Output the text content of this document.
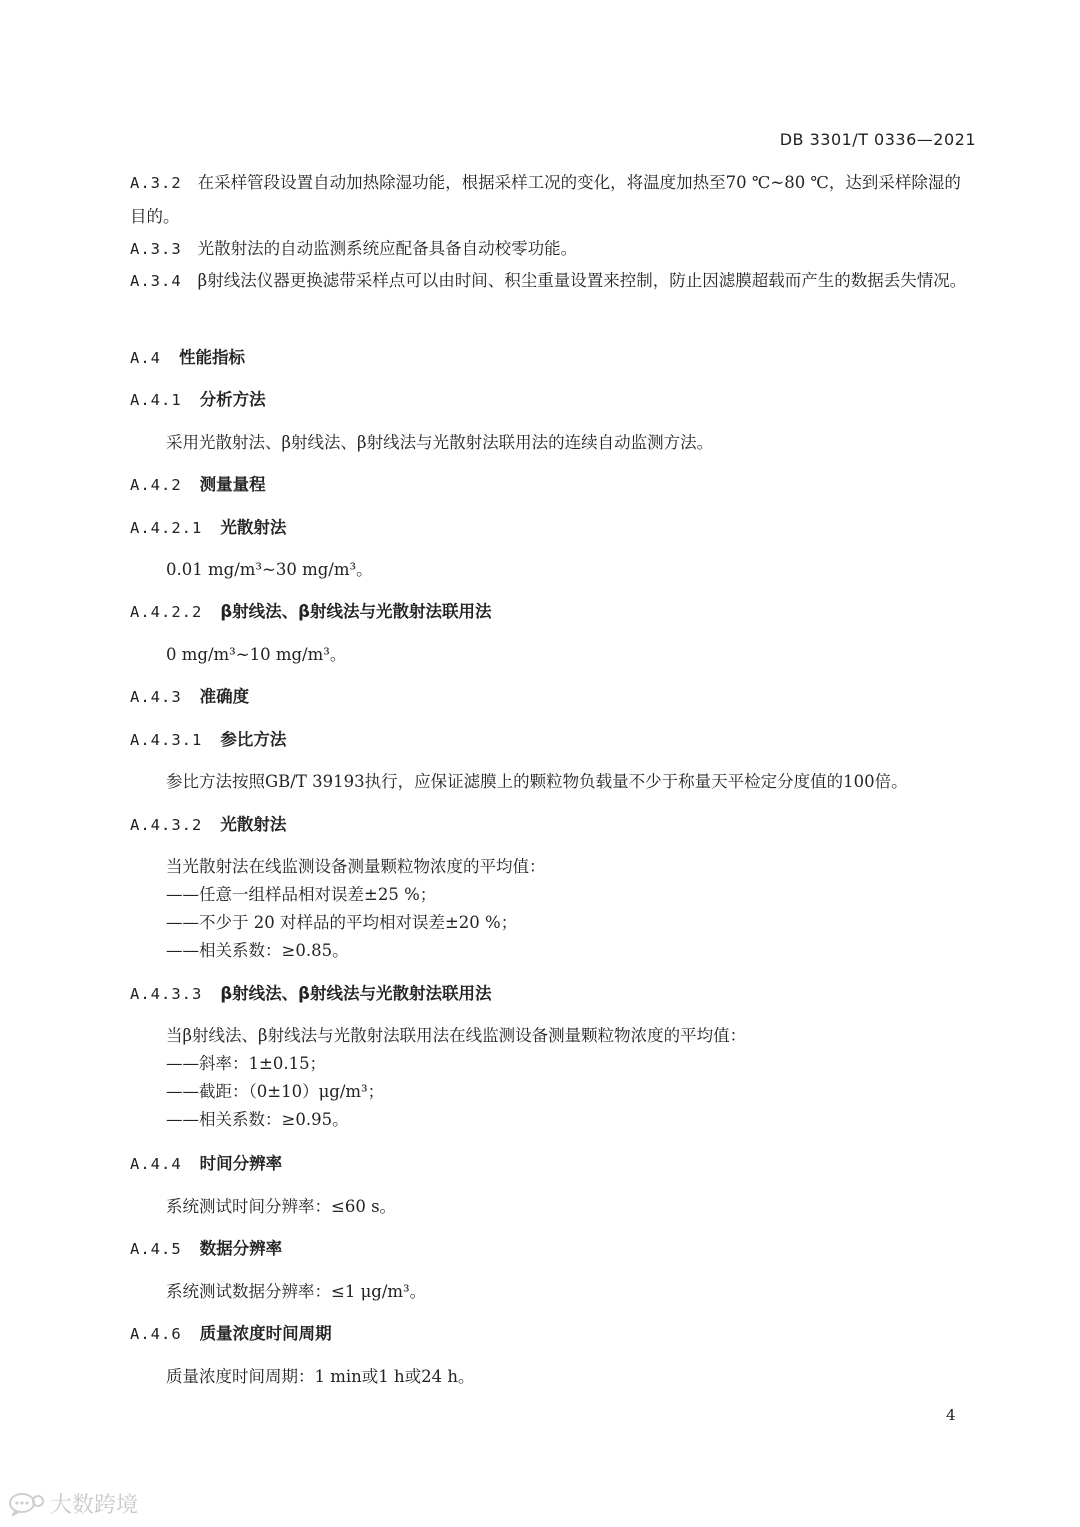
DB 3301/T 0336—2021
A.3.2 在采样管段设置自动加热除湿功能，根据采样工况的变化，将温度加热至70 ℃~80 ℃，达到采样除湿的目的。
A.3.3 光散射法的自动监测系统应配备具备自动校零功能。
A.3.4 β射线法仪器更换滤带采样点可以由时间、积尘重量设置来控制，防止因滤膜超载而产生的数据丢失情况。
A.4 性能指标
A.4.1 分析方法
采用光散射法、β射线法、β射线法与光散射法联用法的连续自动监测方法。
A.4.2 测量量程
A.4.2.1 光散射法
0.01 mg/m³~30 mg/m³。
A.4.2.2 β射线法、β射线法与光散射法联用法
0 mg/m³~10 mg/m³。
A.4.3 准确度
A.4.3.1 参比方法
参比方法按照GB/T 39193执行，应保证滤膜上的颗粒物负载量不少于称量天平检定分度值的100倍。
A.4.3.2 光散射法
当光散射法在线监测设备测量颗粒物浓度的平均值：
——任意一组样品相对误差±25 %；
——不少于 20 对样品的平均相对误差±20 %；
——相关系数：≥0.85。
A.4.3.3 β射线法、β射线法与光散射法联用法
当β射线法、β射线法与光散射法联用法在线监测设备测量颗粒物浓度的平均值：
——斜率：1±0.15；
——截距：（0±10）μg/m³；
——相关系数：≥0.95。
A.4.4 时间分辨率
系统测试时间分辨率：≤60 s。
A.4.5 数据分辨率
系统测试数据分辨率：≤1 μg/m³。
A.4.6 质量浓度时间周期
质量浓度时间周期：1 min或1 h或24 h。
4
大数跨境
